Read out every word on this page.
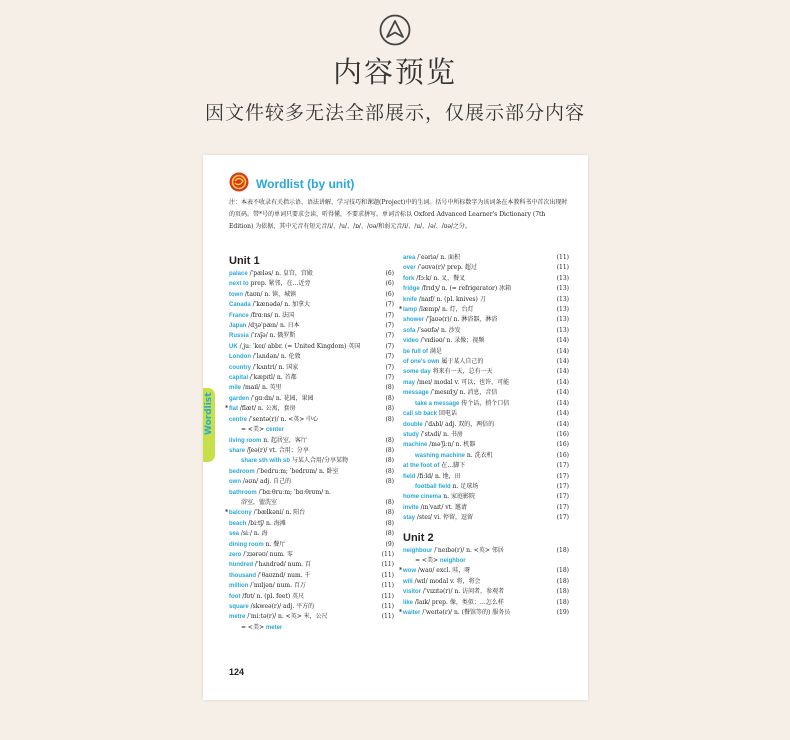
内容预览
因文件较多无法全部展示，仅展示部分内容
Wordlist
Wordlist (by unit)
注：本表不收录有关指示语、语法讲解、学习技巧和课题(Project)中的生词。括号中所标数字为该词条在本教科书中首次出现时的页码。带*号的单词只要求会读、听得懂，不要求拼写。单词音标以 Oxford Advanced Learner's Dictionary (7th Edition) 为依据，其中元音有短元音/i/、/u/、/ɒ/、/ʊə/和弱元音/i/、/u/、/ə/、/ʊə/之分。
Unit 1
palace /ˈpæləs/ n. 皇宫，宫殿	(6)
next to prep. 紧邻，在…近旁	(6)
town /taʊn/ n. 镇，城镇	(6)
Canada /ˈkænədə/ n. 加拿大	(7)
France /frɑːns/ n. 法国	(7)
Japan /dʒəˈpæn/ n. 日本	(7)
Russia /ˈrʌʃə/ n. 俄罗斯	(7)
UK /ˌjuː ˈkeɪ/ abbr. (= United Kingdom) 英国	(7)
London /ˈlʌndən/ n. 伦敦	(7)
country /ˈkʌntri/ n. 国家	(7)
capital /ˈkæpɪtl/ n. 首都	(7)
mile /maɪl/ n. 英里	(8)
garden /ˈɡɑːdn/ n. 花园，果园	(8)
* flat /flæt/ n. 公寓，套房	(8)
centre /ˈsentə(r)/ n. <英> 中心	(8)
= <美> center
living room n. 起居室，客厅	(8)
share /ʃeə(r)/ vt. 合用；分享	(8)
share sth with sb 与某人合用/分享某物	(8)
bedroom /ˈbedruːm; ˈbedrʊm/ n. 卧室	(8)
own /əʊn/ adj. 自己的	(8)
bathroom /ˈbɑːθruːm; ˈbɑːθrʊm/ n.
浴室，盥洗室	(8)
* balcony /ˈbælkəni/ n. 阳台	(8)
beach /biːtʃ/ n. 海滩	(8)
sea /siː/ n. 海	(8)
dining room n. 餐厅	(9)
zero /ˈzɪərəʊ/ num. 零	(11)
hundred /ˈhʌndrəd/ num. 百	(11)
thousand /ˈθaʊznd/ num. 千	(11)
million /ˈmɪljən/ num. 百万	(11)
foot /fʊt/ n. (pl. feet) 英尺	(11)
square /skweə(r)/ adj. 平方的	(11)
metre /ˈmiːtə(r)/ n. <英> 米，公尺	(11)
= <美> meter
area /ˈeəriə/ n. 面积	(11)
over /ˈəʊvə(r)/ prep. 超过	(11)
fork /fɔːk/ n. 叉，餐叉	(13)
fridge /frɪdʒ/ n. (= refrigerator) 冰箱	(13)
knife /naɪf/ n. (pl. knives) 刀	(13)
* lamp /læmp/ n. 灯，台灯	(13)
shower /ˈʃaʊə(r)/ n. 淋浴器，淋浴	(13)
sofa /ˈsəʊfə/ n. 沙发	(13)
video /ˈvɪdiəʊ/ n. 录像；视频	(14)
be full of 满是	(14)
of one's own 属于某人自己的	(14)
some day 将来有一天，总有一天	(14)
may /meɪ/ modal v. 可以；也许，可能	(14)
message /ˈmesɪdʒ/ n. 消息，音信	(14)
take a message 传个话，捎个口信	(14)
call sb back 回电话	(14)
double /ˈdʌbl/ adj. 双的，两倍的	(14)
study /ˈstʌdi/ n. 书房	(16)
machine /məˈʃiːn/ n. 机器	(16)
washing machine n. 洗衣机	(16)
at the foot of 在…脚下	(17)
field /fiːld/ n. 地，田	(17)
football field n. 足球场	(17)
home cinema n. 家庭影院	(17)
invite /ɪnˈvaɪt/ vt. 邀请	(17)
stay /steɪ/ vi. 停留，逗留	(17)
Unit 2
neighbour /ˈneɪbə(r)/ n. <英> 邻居	(18)
= <美> neighbor
* wow /waʊ/ excl. 哇，呀	(18)
will /wɪl/ modal v. 将，将会	(18)
visitor /ˈvɪzɪtə(r)/ n. 访问者，参观者	(18)
like /laɪk/ prep. 像，类似；…怎么样	(18)
* waiter /ˈweɪtə(r)/ n. (餐馆等的) 服务员	(19)
124
